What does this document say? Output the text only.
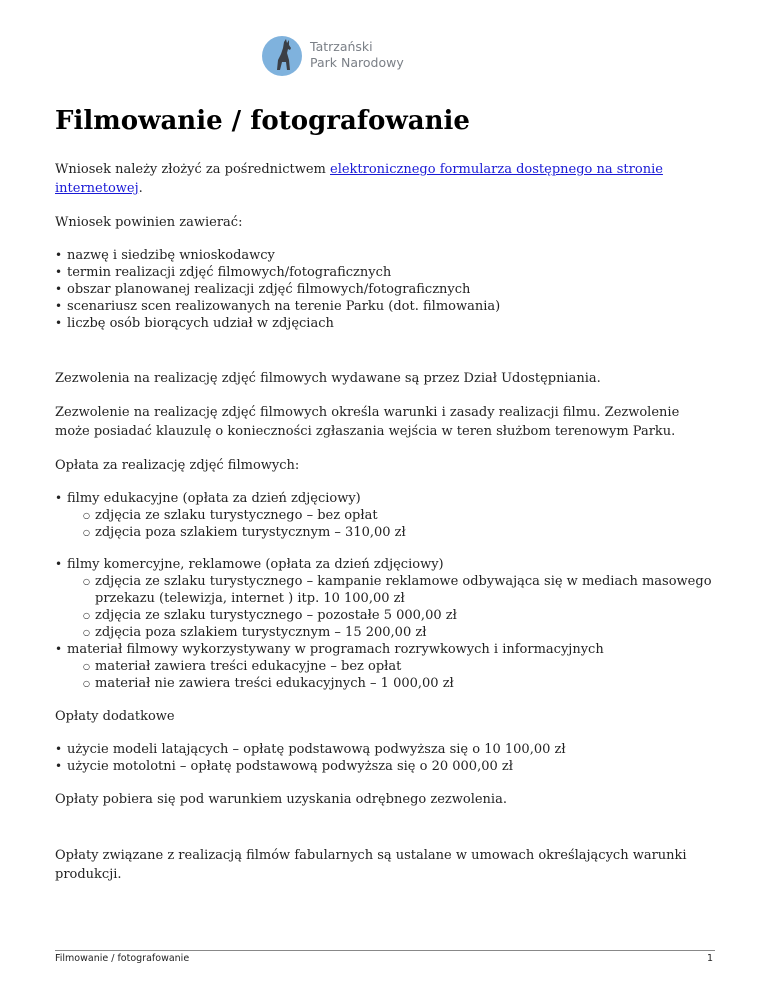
Tatrzański
Park Narodowy
Filmowanie / fotografowanie

Wniosek należy złożyć za pośrednictwem elektronicznego formularza dostępnego na stronie internetowej.

Wniosek powinien zawierać:

• nazwę i siedzibę wnioskodawcy
• termin realizacji zdjęć filmowych/fotograficznych
• obszar planowanej realizacji zdjęć filmowych/fotograficznych
• scenariusz scen realizowanych na terenie Parku (dot. filmowania)
• liczbę osób biorących udział w zdjęciach

Zezwolenia na realizację zdjęć filmowych wydawane są przez Dział Udostępniania.

Zezwolenie na realizację zdjęć filmowych określa warunki i zasady realizacji filmu. Zezwolenie może posiadać klauzulę o konieczności zgłaszania wejścia w teren służbom terenowym Parku.

Opłata za realizację zdjęć filmowych:

• filmy edukacyjne (opłata za dzień zdjęciowy)
○ zdjęcia ze szlaku turystycznego – bez opłat
○ zdjęcia poza szlakiem turystycznym – 310,00 zł
• filmy komercyjne, reklamowe (opłata za dzień zdjęciowy)
○ zdjęcia ze szlaku turystycznego – kampanie reklamowe odbywająca się w mediach masowego przekazu (telewizja, internet ) itp. 10 100,00 zł
○ zdjęcia ze szlaku turystycznego – pozostałe 5 000,00 zł
○ zdjęcia poza szlakiem turystycznym – 15 200,00 zł
• materiał filmowy wykorzystywany w programach rozrywkowych i informacyjnych
○ materiał zawiera treści edukacyjne – bez opłat
○ materiał nie zawiera treści edukacyjnych – 1 000,00 zł

Opłaty dodatkowe

• użycie modeli latających – opłatę podstawową podwyższa się o 10 100,00 zł
• użycie motolotni – opłatę podstawową podwyższa się o 20 000,00 zł

Opłaty pobiera się pod warunkiem uzyskania odrębnego zezwolenia.

Opłaty związane z realizacją filmów fabularnych są ustalane w umowach określających warunki produkcji.

Filmowanie / fotografowanie	1
